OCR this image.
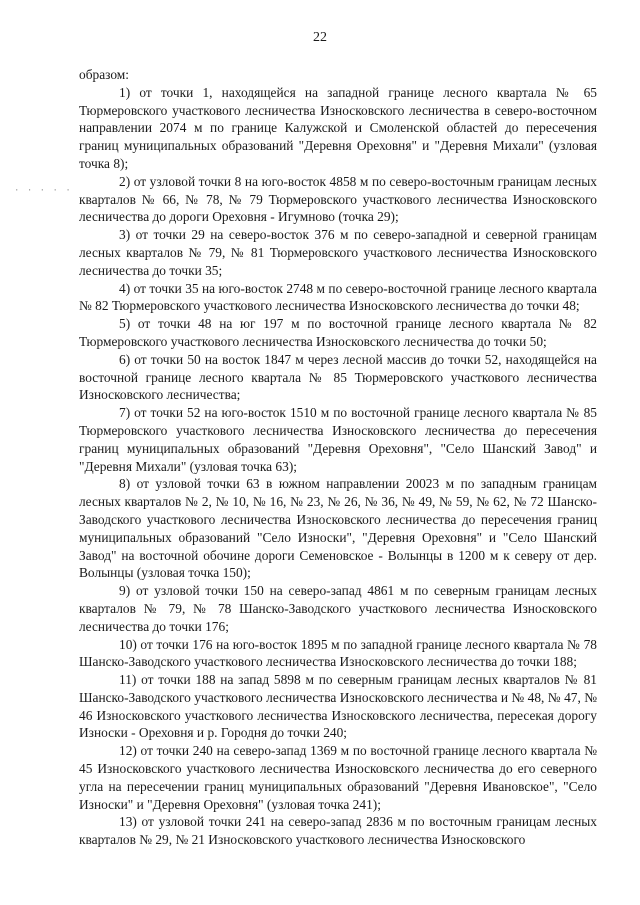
22
· · · · ·

образом:

1) от точки 1, находящейся на западной границе лесного квартала № 65 Тюрмеровского участкового лесничества Износковского лесничества в северо-восточном направлении 2074 м по границе Калужской и Смоленской областей до пересечения границ муниципальных образований "Деревня Ореховня" и "Деревня Михали" (узловая точка 8);

2) от узловой точки 8 на юго-восток 4858 м по северо-восточным границам лесных кварталов № 66, № 78, № 79 Тюрмеровского участкового лесничества Износковского лесничества до дороги Ореховня - Игумново (точка 29);

3) от точки 29 на северо-восток 376 м по северо-западной и северной границам лесных кварталов № 79, № 81 Тюрмеровского участкового лесничества Износковского лесничества до точки 35;

4) от точки 35 на юго-восток 2748 м по северо-восточной границе лесного квартала № 82 Тюрмеровского участкового лесничества Износковского лесничества до точки 48;

5) от точки 48 на юг 197 м по восточной границе лесного квартала № 82 Тюрмеровского участкового лесничества Износковского лесничества до точки 50;

6) от точки 50 на восток 1847 м через лесной массив до точки 52, находящейся на восточной границе лесного квартала № 85 Тюрмеровского участкового лесничества Износковского лесничества;

7) от точки 52 на юго-восток 1510 м по восточной границе лесного квартала № 85 Тюрмеровского участкового лесничества Износковского лесничества до пересечения границ муниципальных образований "Деревня Ореховня", "Село Шанский Завод" и "Деревня Михали" (узловая точка 63);

8) от узловой точки 63 в южном направлении 20023 м по западным границам лесных кварталов № 2, № 10, № 16, № 23, № 26, № 36, № 49, № 59, № 62, № 72 Шанско-Заводского участкового лесничества Износковского лесничества до пересечения границ муниципальных образований "Село Износки", "Деревня Ореховня" и "Село Шанский Завод" на восточной обочине дороги Семеновское - Волынцы в 1200 м к северу от дер. Волынцы (узловая точка 150);

9) от узловой точки 150 на северо-запад 4861 м по северным границам лесных кварталов № 79, № 78 Шанско-Заводского участкового лесничества Износковского лесничества до точки 176;

10) от точки 176 на юго-восток 1895 м по западной границе лесного квартала № 78 Шанско-Заводского участкового лесничества Износковского лесничества до точки 188;

11) от точки 188 на запад 5898 м по северным границам лесных кварталов № 81 Шанско-Заводского участкового лесничества Износковского лесничества и № 48, № 47, № 46 Износковского участкового лесничества Износковского лесничества, пересекая дорогу Износки - Ореховня и р. Городня до точки 240;

12) от точки 240 на северо-запад 1369 м по восточной границе лесного квартала № 45 Износковского участкового лесничества Износковского лесничества до его северного угла на пересечении границ муниципальных образований "Деревня Ивановское", "Село Износки" и "Деревня Ореховня" (узловая точка 241);

13) от узловой точки 241 на северо-запад 2836 м по восточным границам лесных кварталов № 29, № 21 Износковского участкового лесничества Износковского
